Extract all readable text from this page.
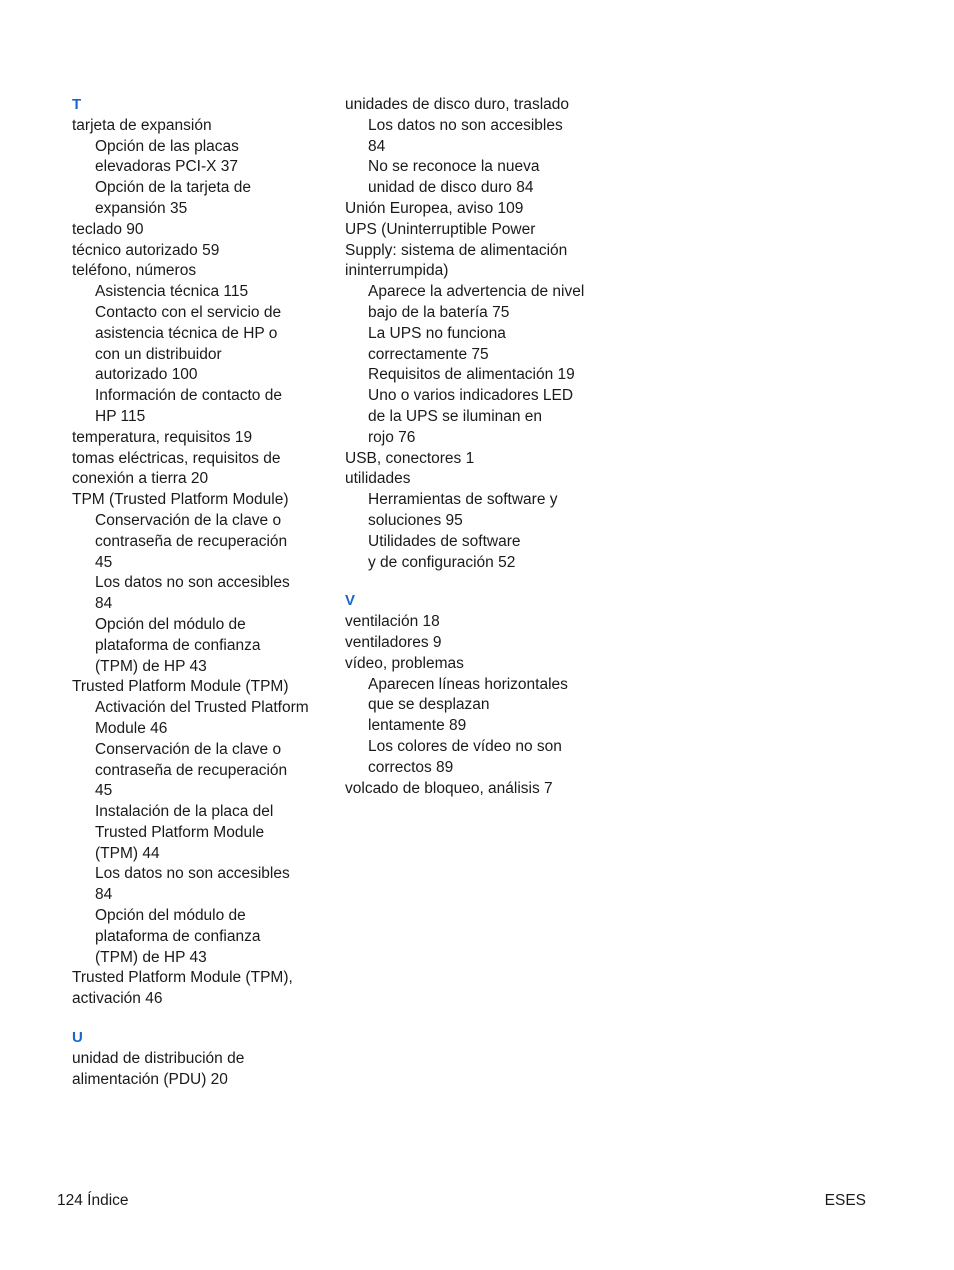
T
tarjeta de expansión
Opción de las placas
elevadoras PCI-X 37
Opción de la tarjeta de
expansión 35
teclado 90
técnico autorizado 59
teléfono, números
Asistencia técnica 115
Contacto con el servicio de
asistencia técnica de HP o
con un distribuidor
autorizado 100
Información de contacto de
HP 115
temperatura, requisitos 19
tomas eléctricas, requisitos de
conexión a tierra 20
TPM (Trusted Platform Module)
Conservación de la clave o
contraseña de recuperación
45
Los datos no son accesibles
84
Opción del módulo de
plataforma de confianza
(TPM) de HP 43
Trusted Platform Module (TPM)
Activación del Trusted Platform
Module 46
Conservación de la clave o
contraseña de recuperación
45
Instalación de la placa del
Trusted Platform Module
(TPM) 44
Los datos no son accesibles
84
Opción del módulo de
plataforma de confianza
(TPM) de HP 43
Trusted Platform Module (TPM),
activación 46
U
unidad de distribución de
alimentación (PDU) 20
unidades de disco duro, traslado
Los datos no son accesibles
84
No se reconoce la nueva
unidad de disco duro 84
Unión Europea, aviso 109
UPS (Uninterruptible Power
Supply: sistema de alimentación
ininterrumpida)
Aparece la advertencia de nivel
bajo de la batería 75
La UPS no funciona
correctamente 75
Requisitos de alimentación 19
Uno o varios indicadores LED
de la UPS se iluminan en
rojo 76
USB, conectores 1
utilidades
Herramientas de software y
soluciones 95
Utilidades de software
y de configuración 52
V
ventilación 18
ventiladores 9
vídeo, problemas
Aparecen líneas horizontales
que se desplazan
lentamente 89
Los colores de vídeo no son
correctos 89
volcado de bloqueo, análisis 7
124 Índice	ESES
